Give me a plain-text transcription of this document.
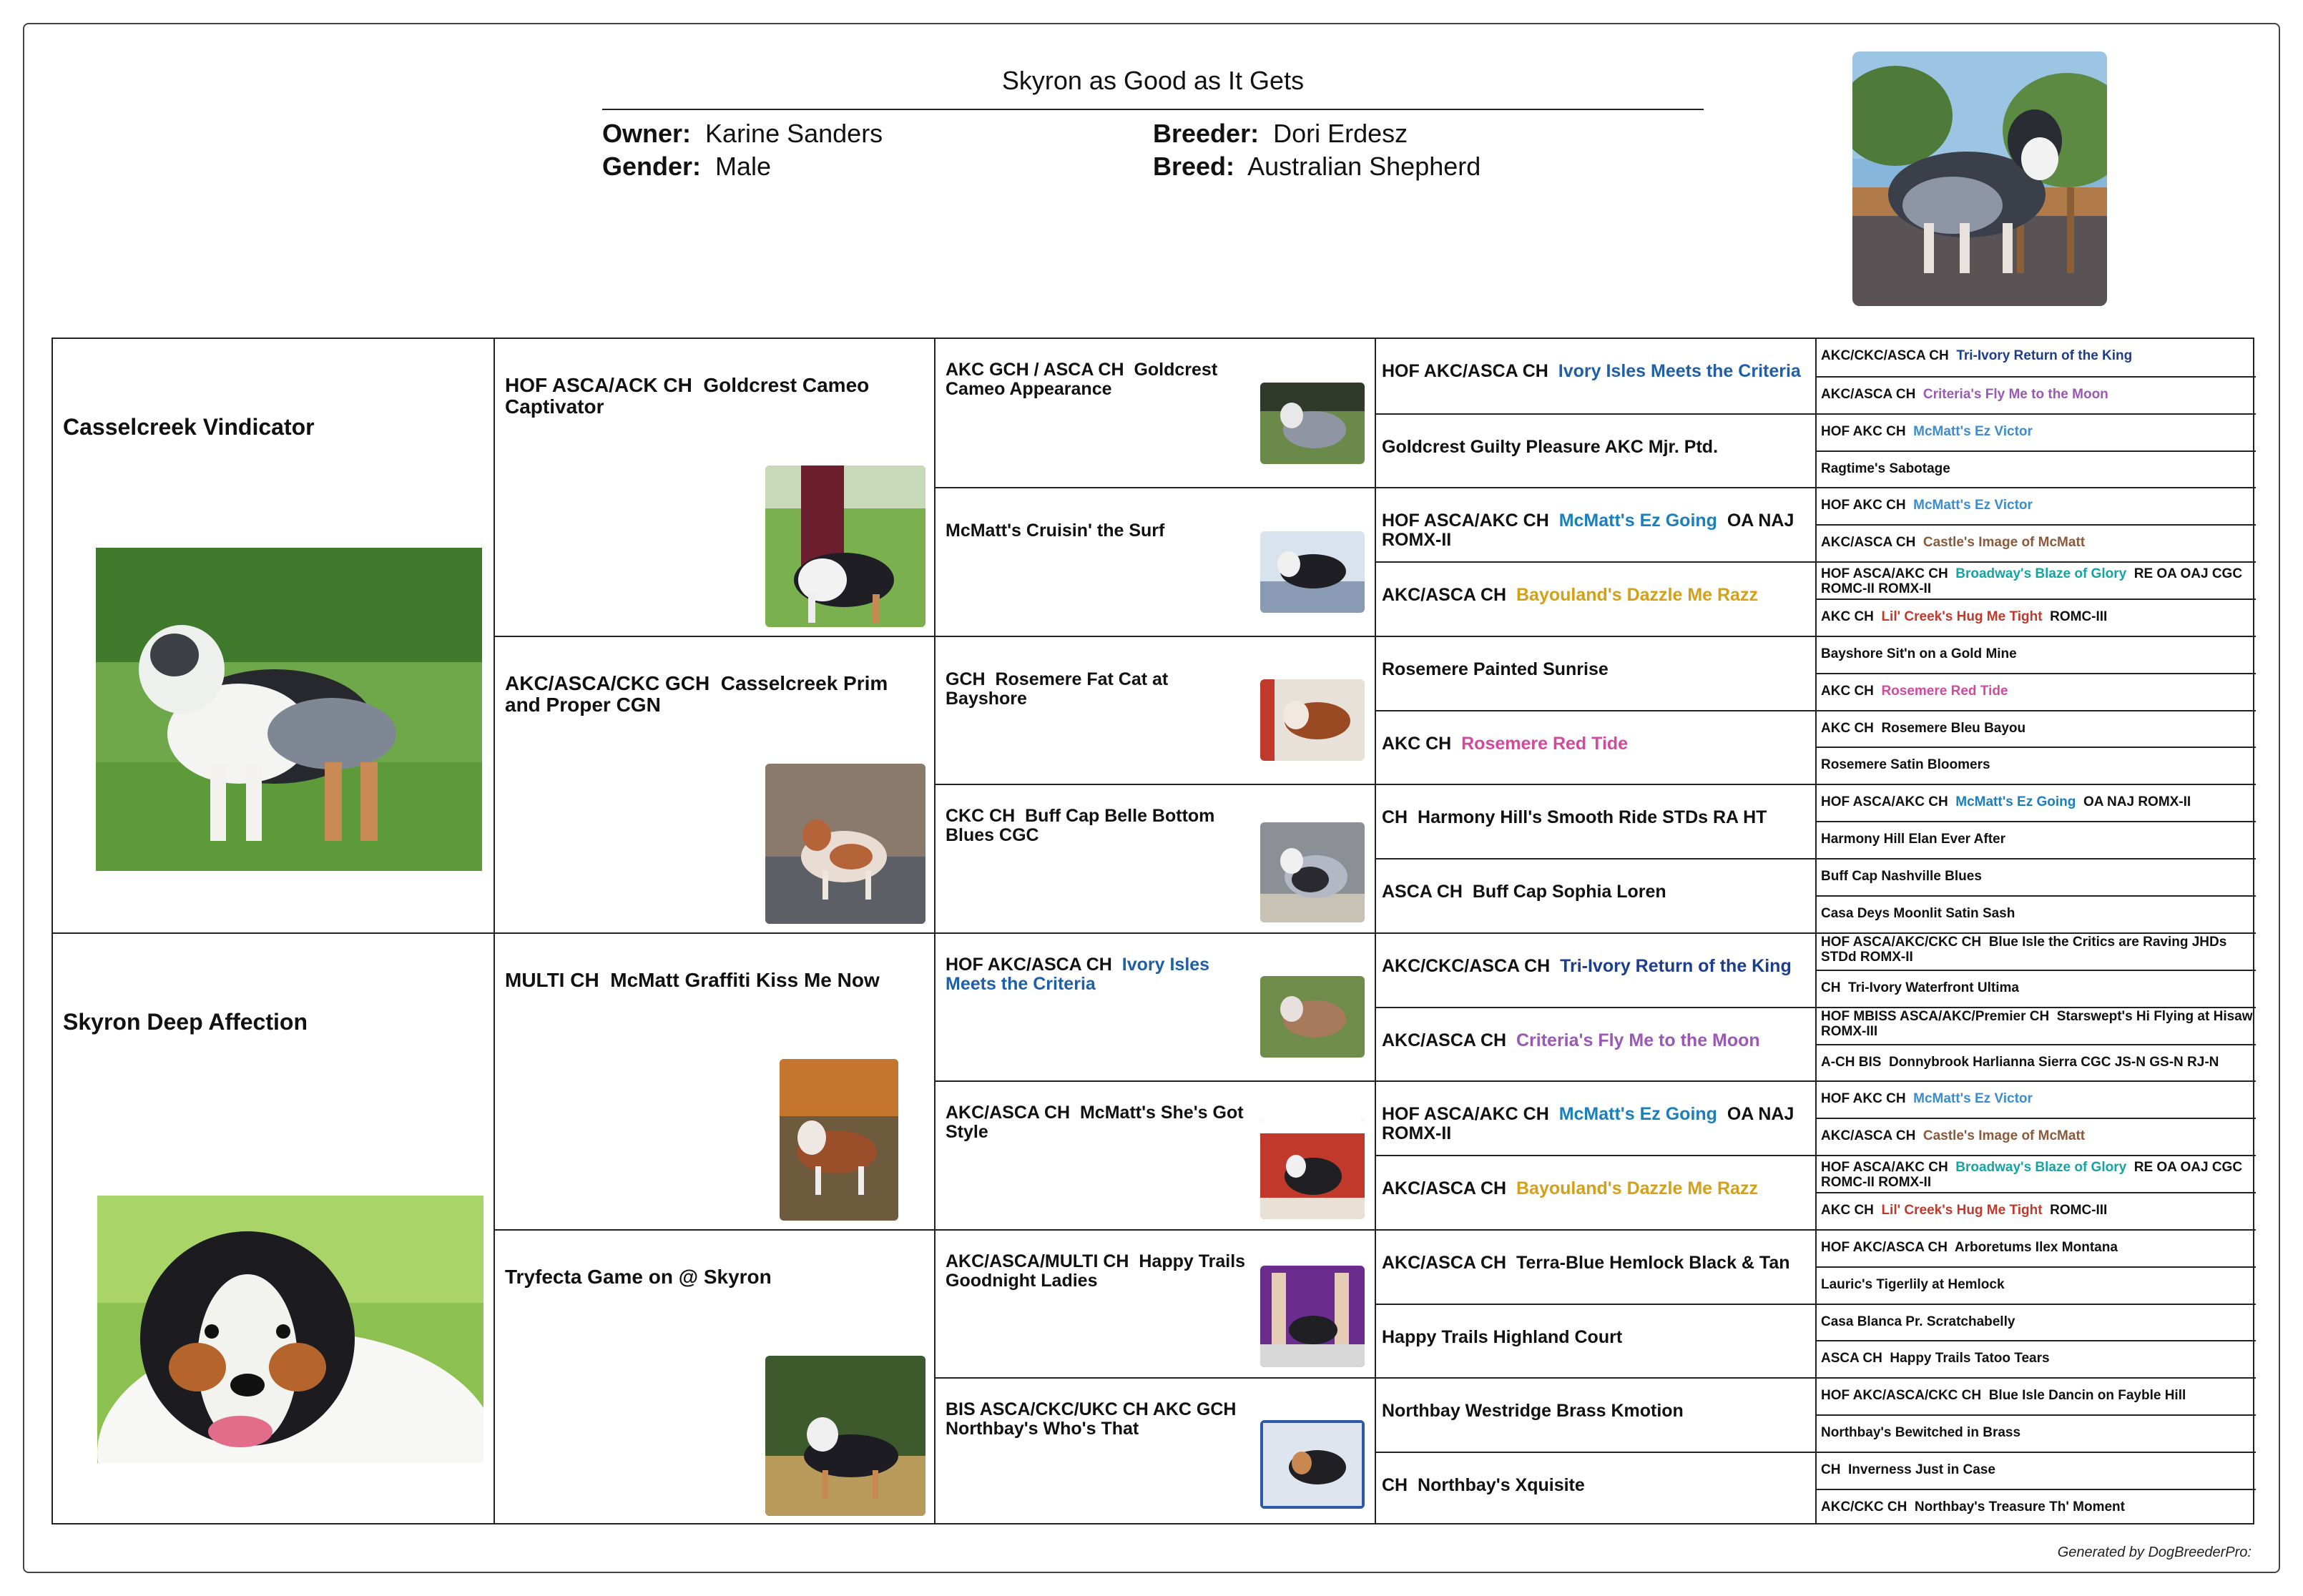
Skyron as Good as It Gets
Owner: Karine Sanders
Gender: Male
Breeder: Dori Erdesz
Breed: Australian Shepherd
Casselcreek Vindicator
Skyron Deep Affection
HOF ASCA/ACK CH Goldcrest Cameo Captivator
AKC/ASCA/CKC GCH Casselcreek Prim and Proper CGN
MULTI CH McMatt Graffiti Kiss Me Now
Tryfecta Game on @ Skyron
AKC GCH / ASCA CH Goldcrest Cameo Appearance
McMatt's Cruisin' the Surf
GCH Rosemere Fat Cat at Bayshore
CKC CH Buff Cap Belle Bottom Blues CGC
HOF AKC/ASCA CH Ivory Isles Meets the Criteria
AKC/ASCA CH McMatt's She's Got Style
AKC/ASCA/MULTI CH Happy Trails Goodnight Ladies
BIS ASCA/CKC/UKC CH AKC GCH
Northbay's Who's That
HOF AKC/ASCA CH Ivory Isles Meets the Criteria
Goldcrest Guilty Pleasure AKC Mjr. Ptd.
HOF ASCA/AKC CH McMatt's Ez Going OA NAJ ROMX-II
AKC/ASCA CH Bayouland's Dazzle Me Razz
Rosemere Painted Sunrise
AKC CH Rosemere Red Tide
CH Harmony Hill's Smooth Ride STDs RA HT
ASCA CH Buff Cap Sophia Loren
AKC/CKC/ASCA CH Tri-Ivory Return of the King
AKC/ASCA CH Criteria's Fly Me to the Moon
HOF ASCA/AKC CH McMatt's Ez Going OA NAJ ROMX-II
AKC/ASCA CH Bayouland's Dazzle Me Razz
AKC/ASCA CH Terra-Blue Hemlock Black & Tan
Happy Trails Highland Court
Northbay Westridge Brass Kmotion
CH Northbay's Xquisite
AKC/CKC/ASCA CH Tri-Ivory Return of the King
AKC/ASCA CH Criteria's Fly Me to the Moon
HOF AKC CH McMatt's Ez Victor
Ragtime's Sabotage
HOF AKC CH McMatt's Ez Victor
AKC/ASCA CH Castle's Image of McMatt
HOF ASCA/AKC CH Broadway's Blaze of Glory RE OA OAJ CGC ROMC-II ROMX-II
AKC CH Lil' Creek's Hug Me Tight ROMC-III
Bayshore Sit'n on a Gold Mine
AKC CH Rosemere Red Tide
AKC CH Rosemere Bleu Bayou
Rosemere Satin Bloomers
HOF ASCA/AKC CH McMatt's Ez Going OA NAJ ROMX-II
Harmony Hill Elan Ever After
Buff Cap Nashville Blues
Casa Deys Moonlit Satin Sash
HOF ASCA/AKC/CKC CH Blue Isle the Critics are Raving JHDs STDd ROMX-II
CH Tri-Ivory Waterfront Ultima
HOF MBISS ASCA/AKC/Premier CH Starswept's Hi Flying at Hisaw ROMX-III
A-CH BIS Donnybrook Harlianna Sierra CGC JS-N GS-N RJ-N
HOF AKC CH McMatt's Ez Victor
AKC/ASCA CH Castle's Image of McMatt
HOF ASCA/AKC CH Broadway's Blaze of Glory RE OA OAJ CGC ROMC-II ROMX-II
AKC CH Lil' Creek's Hug Me Tight ROMC-III
HOF AKC/ASCA CH Arboretums Ilex Montana
Lauric's Tigerlily at Hemlock
Casa Blanca Pr. Scratchabelly
ASCA CH Happy Trails Tatoo Tears
HOF AKC/ASCA/CKC CH Blue Isle Dancin on Fayble Hill
Northbay's Bewitched in Brass
CH Inverness Just in Case
AKC/CKC CH Northbay's Treasure Th' Moment
Generated by DogBreederPro:
